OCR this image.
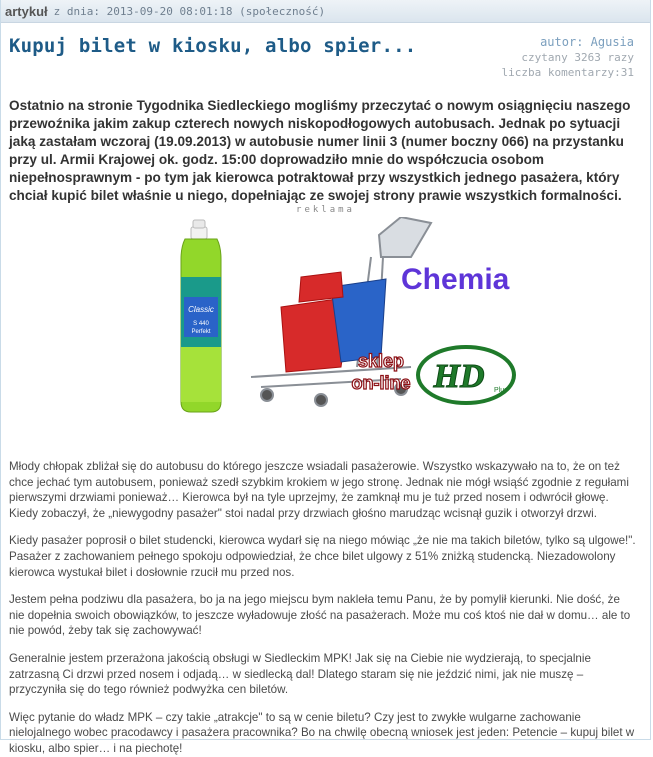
artykuł z dnia: 2013-09-20 08:01:18 (społeczność)
Kupuj bilet w kiosku, albo spier...	autor: Agusia
czytany 3263 razy
liczba komentarzy:31
Ostatnio na stronie Tygodnika Siedleckiego mogliśmy przeczytać o nowym osiągnięciu naszego przewoźnika jakim zakup czterech nowych niskopodłogowych autobusach. Jednak po sytuacji jaką zastałam wczoraj (19.09.2013) w autobusie numer linii 3 (numer boczny 066) na przystanku przy ul. Armii Krajowej ok. godz. 15:00 doprowadziło mnie do współczucia osobom niepełnosprawnym - po tym jak kierowca potraktował przy wszystkich jednego pasażera, który chciał kupić bilet właśnie u niego, dopełniając ze swojej strony prawie wszystkich formalności.
reklama
Classic
S 440
Perfekt
Chemia
sklep
on-line HD Plus

Młody chłopak zbliżał się do autobusu do którego jeszcze wsiadali pasażerowie. Wszystko wskazywało na to, że on też chce jechać tym autobusem, ponieważ szedł szybkim krokiem w jego stronę. Jednak nie mógł wsiąść zgodnie z regułami pierwszymi drzwiami ponieważ… Kierowca był na tyle uprzejmy, że zamknął mu je tuż przed nosem i odwrócił głowę. Kiedy zobaczył, że „niewygodny pasażer" stoi nadal przy drzwiach głośno marudząc wcisnął guzik i otworzył drzwi.

Kiedy pasażer poprosił o bilet studencki, kierowca wydarł się na niego mówiąc „że nie ma takich biletów, tylko są ulgowe!". Pasażer z zachowaniem pełnego spokoju odpowiedział, że chce bilet ulgowy z 51% zniżką studencką. Niezadowolony kierowca wystukał bilet i dosłownie rzucił mu przed nos.

Jestem pełna podziwu dla pasażera, bo ja na jego miejscu bym nakleła temu Panu, że by pomylił kierunki. Nie dość, że nie dopełnia swoich obowiązków, to jeszcze wyładowuje złość na pasażerach. Może mu coś ktoś nie dał w domu… ale to nie powód, żeby tak się zachowywać!

Generalnie jestem przerażona jakością obsługi w Siedleckim MPK! Jak się na Ciebie nie wydzierają, to specjalnie zatrzasną Ci drzwi przed nosem i odjadą… w siedlecką dal! Dlatego staram się nie jeździć nimi, jak nie muszę – przyczyniła się do tego również podwyżka cen biletów.

Więc pytanie do władz MPK – czy takie „atrakcje" to są w cenie biletu? Czy jest to zwykłe wulgarne zachowanie nielojalnego wobec pracodawcy i pasażera pracownika? Bo na chwilę obecną wniosek jest jeden: Petencie – kupuj bilet w kiosku, albo spier… i na piechotę!
